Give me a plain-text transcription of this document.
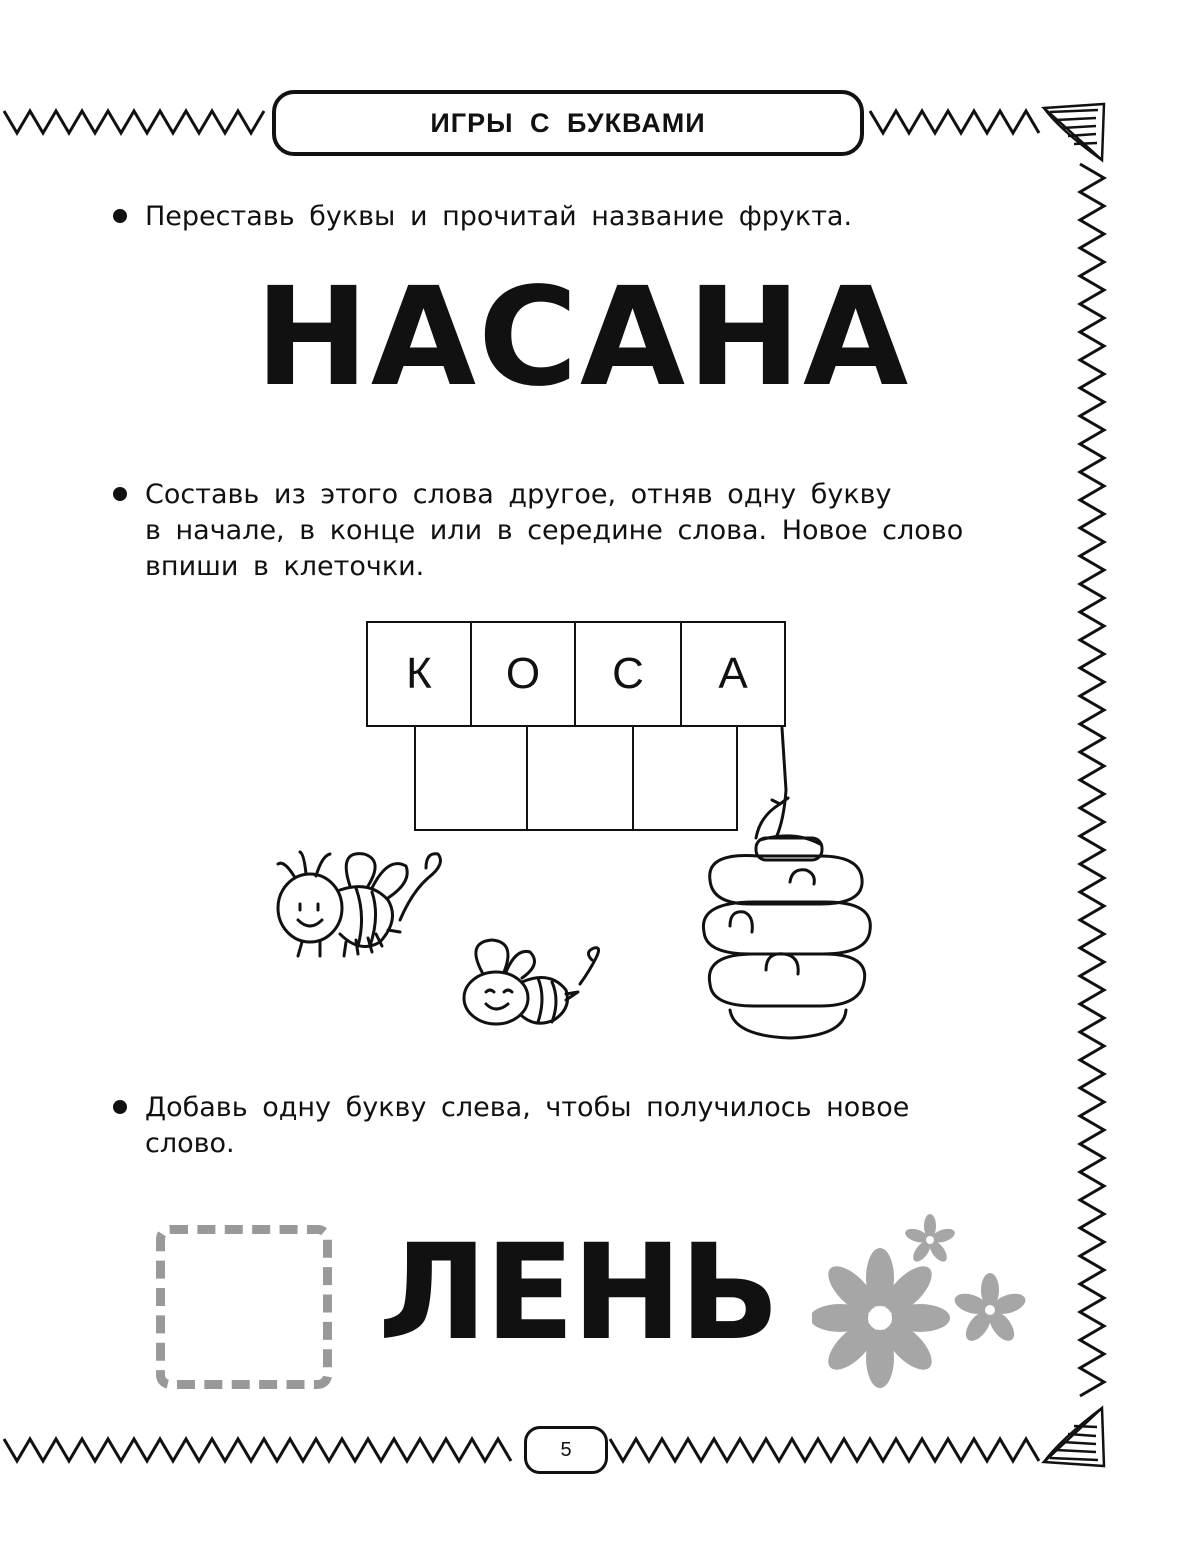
ИГРЫ С БУКВАМИ
Переставь буквы и прочитай название фрукта.
НАСАНА
Составь из этого слова другое, отняв одну букву
в начале, в конце или в середине слова. Новое слово
впиши в клеточки.
К	О	С	А
Добавь одну букву слева, чтобы получилось новое
слово.
ЛЕНЬ
5
